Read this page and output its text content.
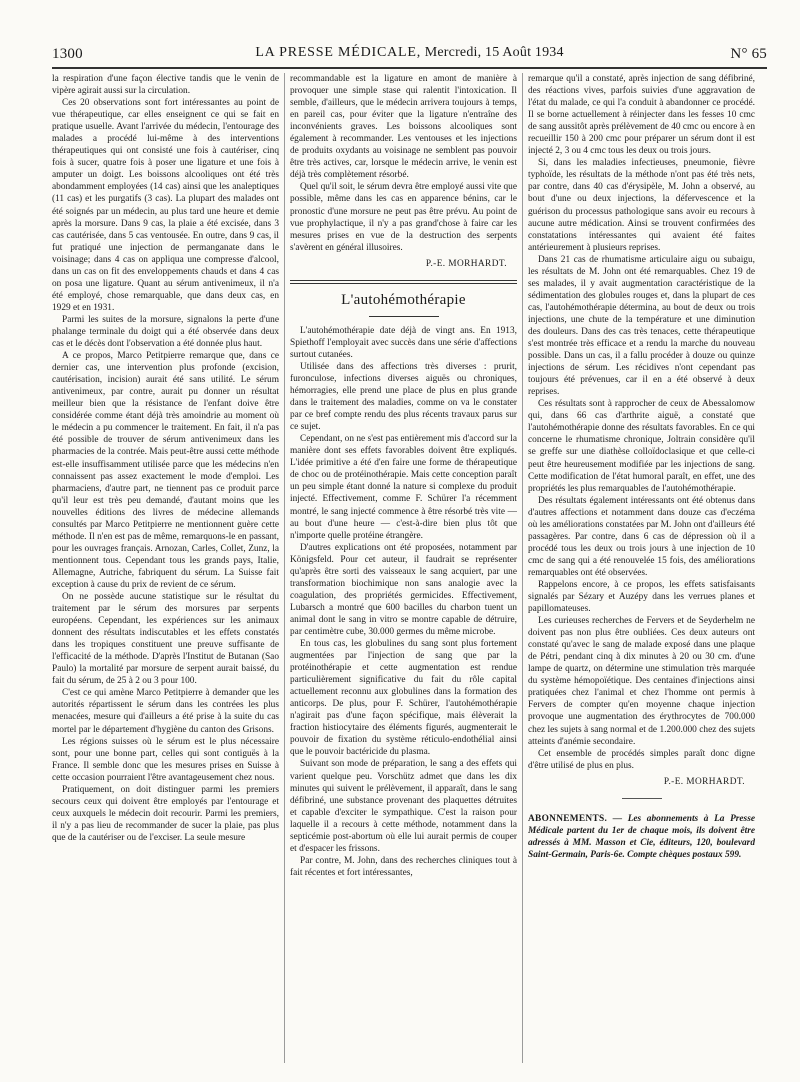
1300	LA PRESSE MÉDICALE, Mercredi, 15 Août 1934	N° 65

la respiration d'une façon élective tandis que le venin de vipère agirait aussi sur la circulation.

Ces 20 observations sont fort intéressantes au point de vue thérapeutique, car elles enseignent ce qui se fait en pratique usuelle. Avant l'arrivée du médecin, l'entourage des malades a procédé lui-même à des interventions thérapeutiques qui ont consisté une fois à cautériser, cinq fois à sucer, quatre fois à poser une ligature et une fois à amputer un doigt. Les boissons alcooliques ont été très abondamment employées (14 cas) ainsi que les analeptiques (11 cas) et les purgatifs (3 cas). La plupart des malades ont été soignés par un médecin, au plus tard une heure et demie après la morsure. Dans 9 cas, la plaie a été excisée, dans 3 cas cautérisée, dans 5 cas ventousée. En outre, dans 9 cas, il fut pratiqué une injection de permanganate dans le voisinage; dans 4 cas on appliqua une compresse d'alcool, dans un cas on fit des enveloppements chauds et dans 4 cas on posa une ligature. Quant au sérum antivenimeux, il n'a été employé, chose remarquable, que dans deux cas, en 1929 et en 1931.

Parmi les suites de la morsure, signalons la perte d'une phalange terminale du doigt qui a été observée dans deux cas et le décès dont l'observation a été donnée plus haut.

A ce propos, Marco Petitpierre remarque que, dans ce dernier cas, une intervention plus profonde (excision, cautérisation, incision) aurait été sans utilité. Le sérum antivenimeux, par contre, aurait pu donner un résultat meilleur bien que la résistance de l'enfant doive être considérée comme étant déjà très amoindrie au moment où le médecin a pu commencer le traitement. En fait, il n'a pas été possible de trouver de sérum antivenimeux dans les pharmacies de la contrée. Mais peut-être aussi cette méthode est-elle insuffisamment utilisée parce que les médecins n'en connaissent pas assez exactement le mode d'emploi. Les pharmaciens, d'autre part, ne tiennent pas ce produit parce qu'il leur est très peu demandé, d'autant moins que les nouvelles éditions des livres de médecine allemands consultés par Marco Petitpierre ne mentionnent guère cette méthode. Il n'en est pas de même, remarquons-le en passant, pour les ouvrages français. Arnozan, Carles, Collet, Zunz, la mentionnent tous. Cependant tous les grands pays, Italie, Allemagne, Autriche, fabriquent du sérum. La Suisse fait exception à cause du prix de revient de ce sérum.

On ne possède aucune statistique sur le résultat du traitement par le sérum des morsures par serpents européens. Cependant, les expériences sur les animaux donnent des résultats indiscutables et les effets constatés dans les tropiques constituent une preuve suffisante de l'efficacité de la méthode. D'après l'Institut de Butanan (Sao Paulo) la mortalité par morsure de serpent aurait baissé, du fait du sérum, de 25 à 2 ou 3 pour 100.

C'est ce qui amène Marco Petitpierre à demander que les autorités répartissent le sérum dans les contrées les plus menacées, mesure qui d'ailleurs a été prise à la suite du cas mortel par le département d'hygiène du canton des Grisons.

Les régions suisses où le sérum est le plus nécessaire sont, pour une bonne part, celles qui sont contiguës à la France. Il semble donc que les mesures prises en Suisse à cette occasion pourraient l'être avantageusement chez nous.

Pratiquement, on doit distinguer parmi les premiers secours ceux qui doivent être employés par l'entourage et ceux auxquels le médecin doit recourir. Parmi les premiers, il n'y a pas lieu de recommander de sucer la plaie, pas plus que de la cautériser ou de l'exciser. La seule mesure

recommandable est la ligature en amont de manière à provoquer une simple stase qui ralentit l'intoxication. Il semble, d'ailleurs, que le médecin arrivera toujours à temps, en pareil cas, pour éviter que la ligature n'entraîne des inconvénients graves. Les boissons alcooliques sont également à recommander. Les ventouses et les injections de produits oxydants au voisinage ne semblent pas pouvoir être très actives, car, lorsque le médecin arrive, le venin est déjà très complètement résorbé.

Quel qu'il soit, le sérum devra être employé aussi vite que possible, même dans les cas en apparence bénins, car le pronostic d'une morsure ne peut pas être prévu. Au point de vue prophylactique, il n'y a pas grand'chose à faire car les mesures prises en vue de la destruction des serpents s'avèrent en général illusoires.

P.-E. MORHARDT.

L'autohémothérapie

L'autohémothérapie date déjà de vingt ans. En 1913, Spiethoff l'employait avec succès dans une série d'affections surtout cutanées.

Utilisée dans des affections très diverses : prurit, furonculose, infections diverses aiguës ou chroniques, hémorragies, elle prend une place de plus en plus grande dans le traitement des maladies, comme on va le constater par ce bref compte rendu des plus récents travaux parus sur ce sujet.

Cependant, on ne s'est pas entièrement mis d'accord sur la manière dont ses effets favorables doivent être expliqués. L'idée primitive a été d'en faire une forme de thérapeutique de choc ou de protéinothérapie. Mais cette conception paraît un peu simple étant donné la nature si complexe du produit injecté. Effectivement, comme F. Schürer l'a récemment montré, le sang injecté commence à être résorbé très vite — au bout d'une heure — c'est-à-dire bien plus tôt que n'importe quelle protéine étrangère.

D'autres explications ont été proposées, notamment par Königsfeld. Pour cet auteur, il faudrait se représenter qu'après être sorti des vaisseaux le sang acquiert, par une transformation biochimique non sans analogie avec la coagulation, des propriétés germicides. Effectivement, Lubarsch a montré que 600 bacilles du charbon tuent un animal dont le sang in vitro se montre capable de détruire, par centimètre cube, 30.000 germes du même microbe.

En tous cas, les globulines du sang sont plus fortement augmentées par l'injection de sang que par la protéinothérapie et cette augmentation est rendue particulièrement significative du fait du rôle capital actuellement reconnu aux globulines dans la formation des anticorps. De plus, pour F. Schürer, l'autohémothérapie n'agirait pas d'une façon spécifique, mais élèverait la fraction histiocytaire des éléments figurés, augmenterait le pouvoir de fixation du système réticulo-endothélial ainsi que le pouvoir bactéricide du plasma.

Suivant son mode de préparation, le sang a des effets qui varient quelque peu. Vorschütz admet que dans les dix minutes qui suivent le prélèvement, il apparaît, dans le sang défibriné, une substance provenant des plaquettes détruites et capable d'exciter le sympathique. C'est la raison pour laquelle il a recours à cette méthode, notamment dans la septicémie post-abortum où elle lui aurait permis de couper et d'espacer les frissons.

Par contre, M. John, dans des recherches cliniques tout à fait récentes et fort intéressantes,

remarque qu'il a constaté, après injection de sang défibriné, des réactions vives, parfois suivies d'une aggravation de l'état du malade, ce qui l'a conduit à abandonner ce procédé. Il se borne actuellement à réinjecter dans les fesses 10 cmc de sang aussitôt après prélèvement de 40 cmc ou encore à en recueillir 150 à 200 cmc pour préparer un sérum dont il est injecté 2, 3 ou 4 cmc tous les deux ou trois jours.

Si, dans les maladies infectieuses, pneumonie, fièvre typhoïde, les résultats de la méthode n'ont pas été très nets, par contre, dans 40 cas d'érysipèle, M. John a observé, au bout d'une ou deux injections, la défervescence et la guérison du processus pathologique sans avoir eu recours à aucune autre médication. Ainsi se trouvent confirmées des constatations intéressantes qui avaient été faites antérieurement à plusieurs reprises.

Dans 21 cas de rhumatisme articulaire aigu ou subaigu, les résultats de M. John ont été remarquables. Chez 19 de ses malades, il y avait augmentation caractéristique de la sédimentation des globules rouges et, dans la plupart de ces cas, l'autohémothérapie détermina, au bout de deux ou trois injections, une chute de la température et une diminution des douleurs. Dans des cas très tenaces, cette thérapeutique s'est montrée très efficace et a rendu la marche du nouveau possible. Dans un cas, il a fallu procéder à douze ou quinze injections de sérum. Les récidives n'ont cependant pas toujours été prévenues, car il en a été observé à deux reprises.

Ces résultats sont à rapprocher de ceux de Abessalomow qui, dans 66 cas d'arthrite aiguë, a constaté que l'autohémothérapie donne des résultats favorables. En ce qui concerne le rhumatisme chronique, Joltrain considère qu'il se greffe sur une diathèse colloïdoclasique et que celle-ci peut être heureusement modifiée par les injections de sang. Cette modification de l'état humoral paraît, en effet, une des propriétés les plus remarquables de l'autohémothérapie.

Des résultats également intéressants ont été obtenus dans d'autres affections et notamment dans douze cas d'eczéma où les améliorations constatées par M. John ont d'ailleurs été passagères. Par contre, dans 6 cas de dépression où il a procédé tous les deux ou trois jours à une injection de 10 cmc de sang qui a été renouvelée 15 fois, des améliorations remarquables ont été observées.

Rappelons encore, à ce propos, les effets satisfaisants signalés par Sézary et Auzépy dans les verrues planes et papillomateuses.

Les curieuses recherches de Fervers et de Seyderhelm ne doivent pas non plus être oubliées. Ces deux auteurs ont constaté qu'avec le sang de malade exposé dans une plaque de Pétri, pendant cinq à dix minutes à 20 ou 30 cm. d'une lampe de quartz, on détermine une stimulation très marquée du système hémopoïétique. Des centaines d'injections ainsi pratiquées chez l'animal et chez l'homme ont permis à Fervers de compter qu'en moyenne chaque injection provoque une augmentation des érythrocytes de 700.000 chez les sujets à sang normal et de 1.200.000 chez des sujets atteints d'anémie secondaire.

Cet ensemble de procédés simples paraît donc digne d'être utilisé de plus en plus.

P.-E. MORHARDT.

ABONNEMENTS. — Les abonnements à La Presse Médicale partent du 1er de chaque mois, ils doivent être adressés à MM. Masson et Cie, éditeurs, 120, boulevard Saint-Germain, Paris-6e. Compte chèques postaux 599.
